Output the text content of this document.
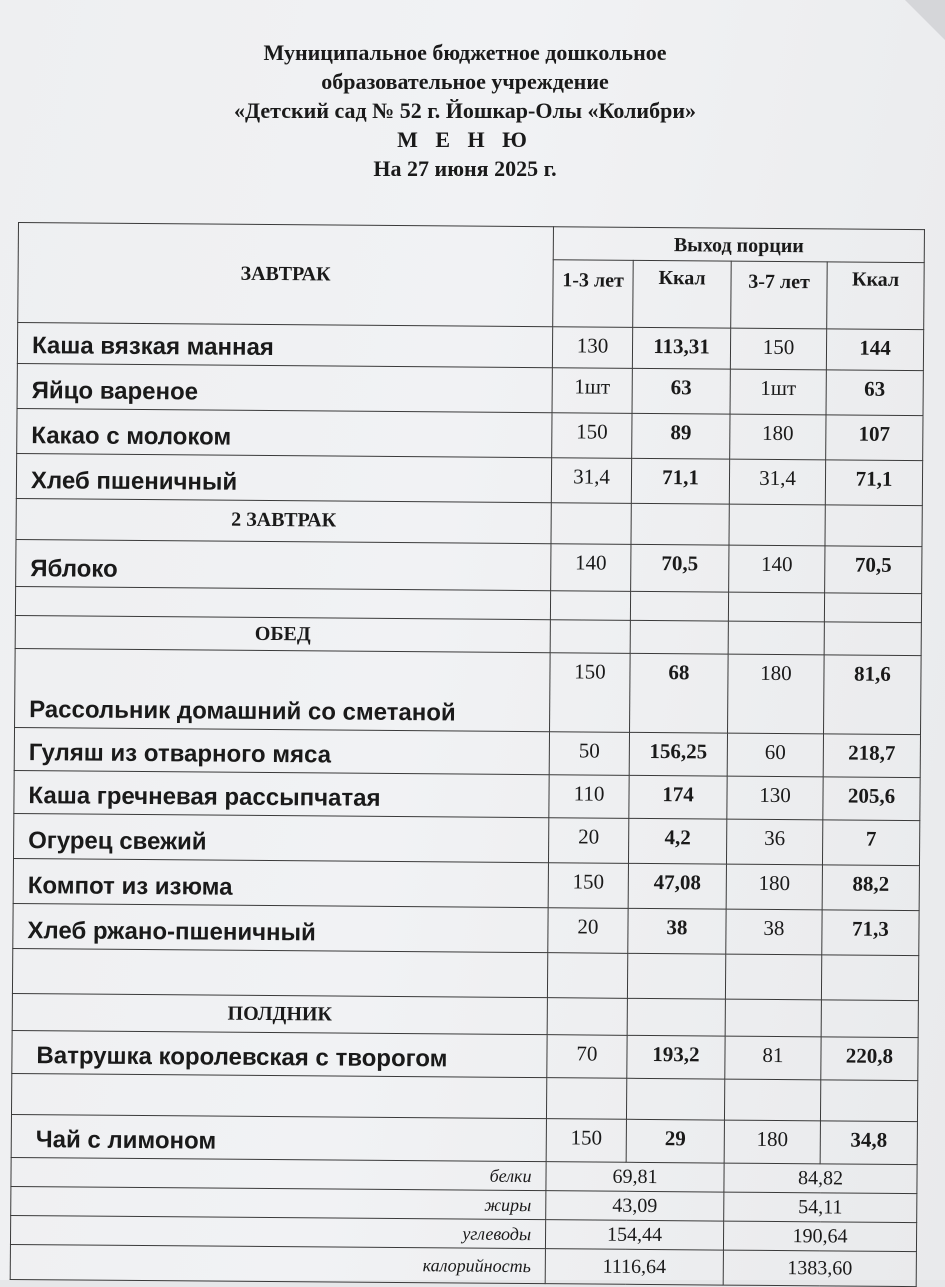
Муниципальное бюджетное дошкольное
образовательное учреждение
«Детский сад № 52 г. Йошкар-Олы «Колибри»
М Е Н Ю
На 27 июня 2025 г.
ЗАВТРАК	Выход порции			
	1-3 лет	Ккал	3-7 лет	Ккал
Каша вязкая манная	130	113,31	150	144
Яйцо вареное	1шт	63	1шт	63
Какао с молоком	150	89	180	107
Хлеб пшеничный	31,4	71,1	31,4	71,1
2 ЗАВТРАК				
Яблоко	140	70,5	140	70,5

ОБЕД				
Рассольник домашний со сметаной	150	68	180	81,6
Гуляш из отварного мяса	50	156,25	60	218,7
Каша гречневая рассыпчатая	110	174	130	205,6
Огурец свежий	20	4,2	36	7
Компот из изюма	150	47,08	180	88,2
Хлеб ржано-пшеничный	20	38	38	71,3

ПОЛДНИК				
Ватрушка королевская с творогом	70	193,2	81	220,8

Чай с лимоном	150	29	180	34,8
белки	69,81		84,82	
жиры	43,09		54,11	
углеводы	154,44		190,64	
калорийность	1116,64		1383,60	
